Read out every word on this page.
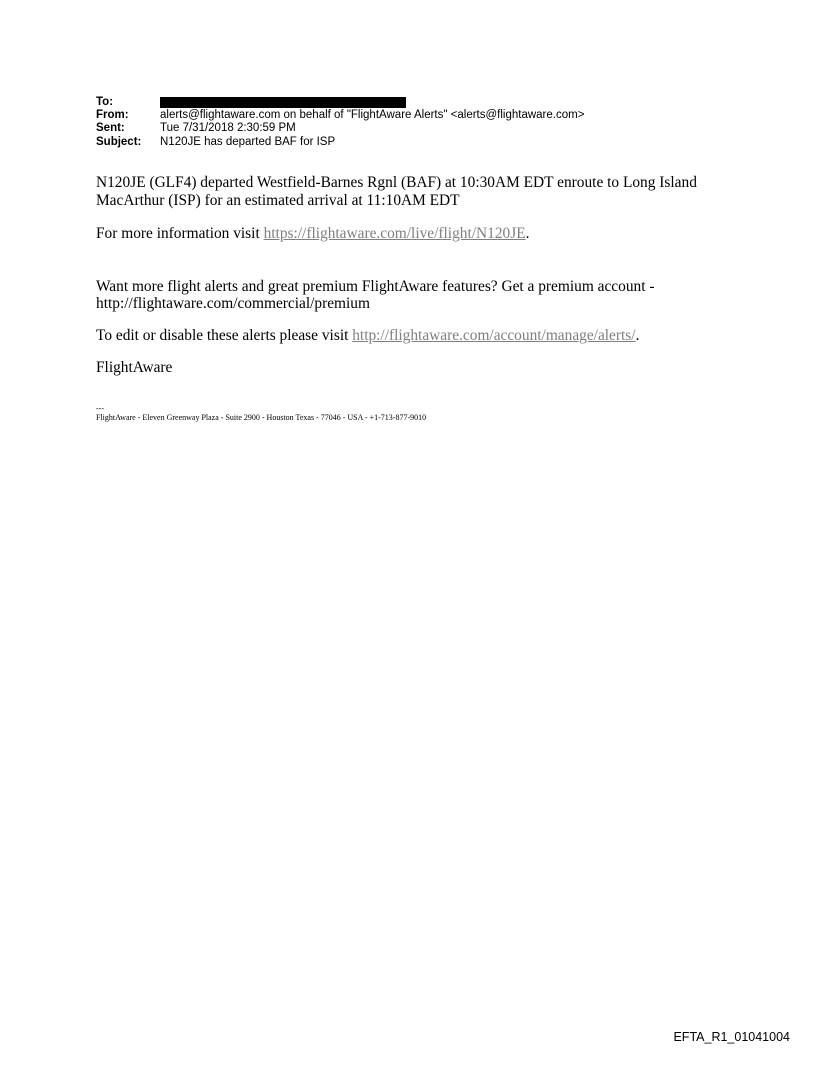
To:
From:	alerts@flightaware.com on behalf of "FlightAware Alerts" <alerts@flightaware.com>
Sent:	Tue 7/31/2018 2:30:59 PM
Subject:	N120JE has departed BAF for ISP

N120JE (GLF4) departed Westfield-Barnes Rgnl (BAF) at 10:30AM EDT enroute to Long Island MacArthur (ISP) for an estimated arrival at 11:10AM EDT

For more information visit https://flightaware.com/live/flight/N120JE.

Want more flight alerts and great premium FlightAware features? Get a premium account - http://flightaware.com/commercial/premium

To edit or disable these alerts please visit http://flightaware.com/account/manage/alerts/.

FlightAware

---
FlightAware - Eleven Greenway Plaza - Suite 2900 - Houston Texas - 77046 - USA - +1-713-877-9010
EFTA_R1_01041004
